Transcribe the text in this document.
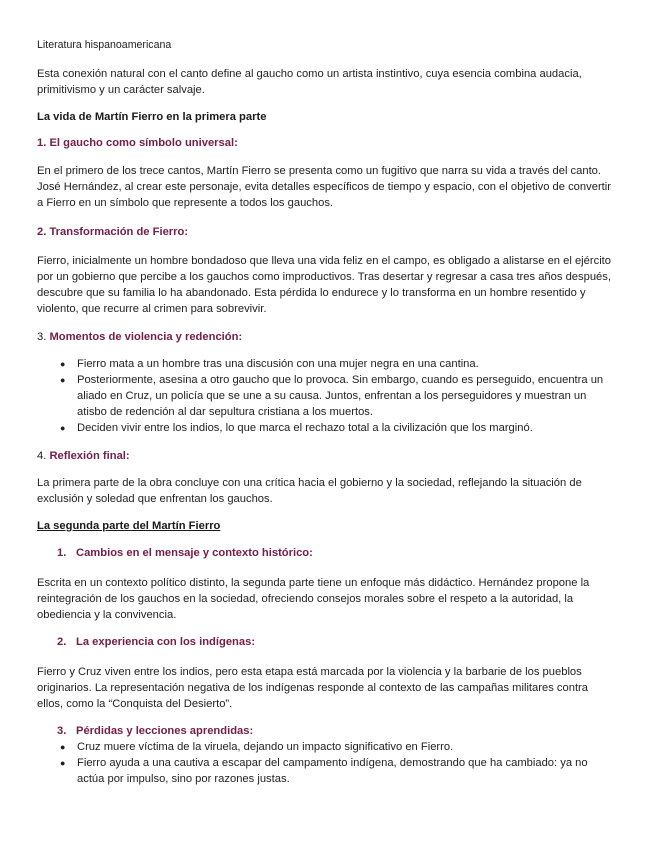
Literatura hispanoamericana

Esta conexión natural con el canto define al gaucho como un artista instintivo, cuya esencia combina audacia, primitivismo y un carácter salvaje.

La vida de Martín Fierro en la primera parte

1. El gaucho como símbolo universal:

En el primero de los trece cantos, Martín Fierro se presenta como un fugitivo que narra su vida a través del canto. José Hernández, al crear este personaje, evita detalles específicos de tiempo y espacio, con el objetivo de convertir a Fierro en un símbolo que represente a todos los gauchos.

2. Transformación de Fierro:

Fierro, inicialmente un hombre bondadoso que lleva una vida feliz en el campo, es obligado a alistarse en el ejército por un gobierno que percibe a los gauchos como improductivos. Tras desertar y regresar a casa tres años después, descubre que su familia lo ha abandonado. Esta pérdida lo endurece y lo transforma en un hombre resentido y violento, que recurre al crimen para sobrevivir.

3. Momentos de violencia y redención:

● Fierro mata a un hombre tras una discusión con una mujer negra en una cantina.
● Posteriormente, asesina a otro gaucho que lo provoca. Sin embargo, cuando es perseguido, encuentra un aliado en Cruz, un policía que se une a su causa. Juntos, enfrentan a los perseguidores y muestran un atisbo de redención al dar sepultura cristiana a los muertos.
● Deciden vivir entre los indios, lo que marca el rechazo total a la civilización que los marginó.

4. Reflexión final:

La primera parte de la obra concluye con una crítica hacia el gobierno y la sociedad, reflejando la situación de exclusión y soledad que enfrentan los gauchos.

La segunda parte del Martín Fierro

1. Cambios en el mensaje y contexto histórico:

Escrita en un contexto político distinto, la segunda parte tiene un enfoque más didáctico. Hernández propone la reintegración de los gauchos en la sociedad, ofreciendo consejos morales sobre el respeto a la autoridad, la obediencia y la convivencia.

2. La experiencia con los indígenas:

Fierro y Cruz viven entre los indios, pero esta etapa está marcada por la violencia y la barbarie de los pueblos originarios. La representación negativa de los indígenas responde al contexto de las campañas militares contra ellos, como la “Conquista del Desierto”.

3. Pérdidas y lecciones aprendidas:

● Cruz muere víctima de la viruela, dejando un impacto significativo en Fierro.
● Fierro ayuda a una cautiva a escapar del campamento indígena, demostrando que ha cambiado: ya no actúa por impulso, sino por razones justas.
